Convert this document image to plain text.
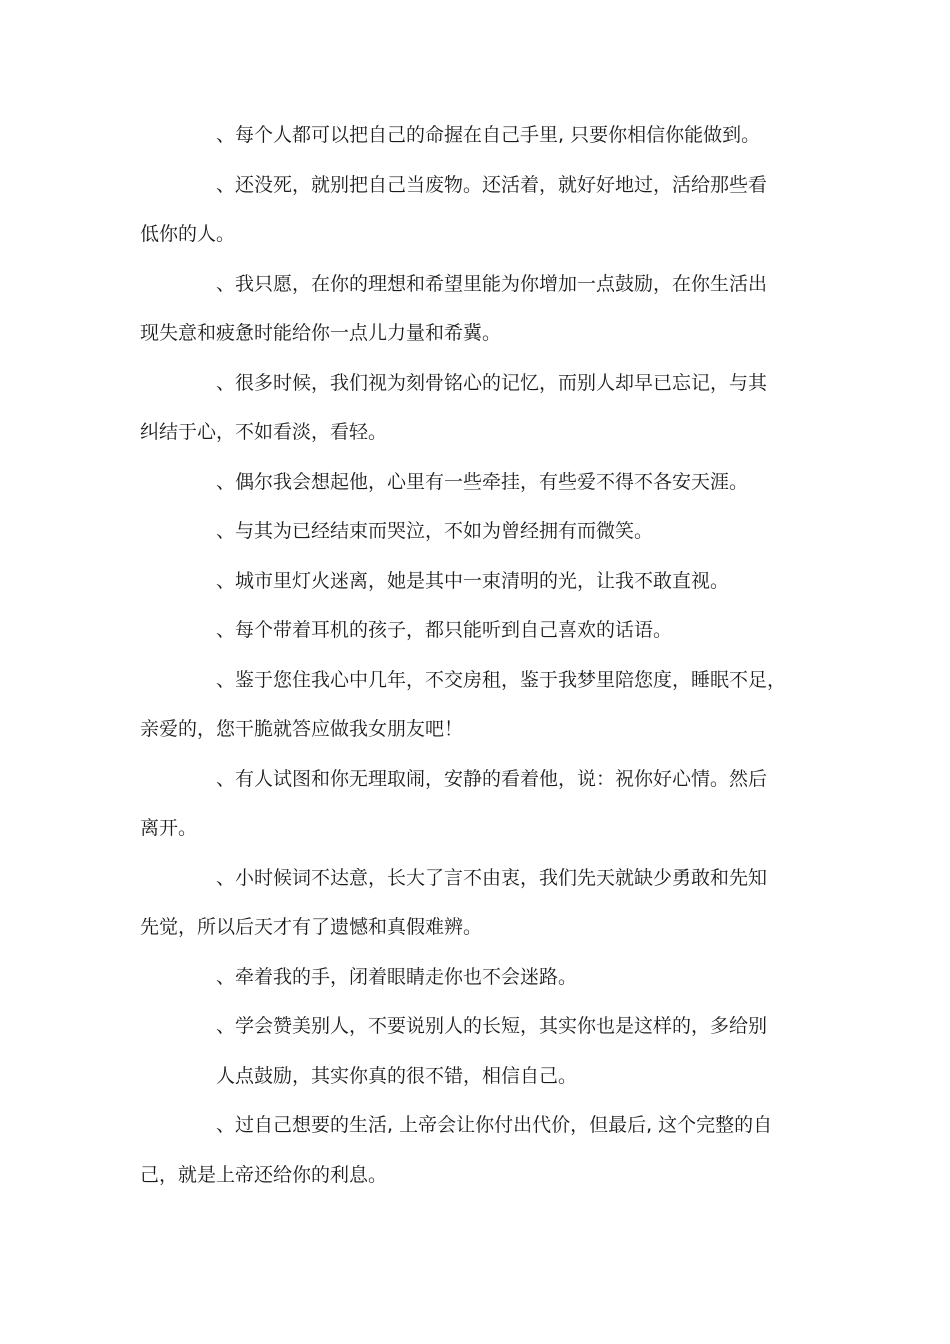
、每个人都可以把自己的命握在自己手里, 只要你相信你能做到。

、还没死，就别把自己当废物。还活着，就好好地过，活给那些看
低你的人。

、我只愿，在你的理想和希望里能为你增加一点鼓励，在你生活出
现失意和疲惫时能给你一点儿力量和希冀。

、很多时候，我们视为刻骨铭心的记忆，而别人却早已忘记，与其
纠结于心，不如看淡，看轻。

、偶尔我会想起他，心里有一些牵挂，有些爱不得不各安天涯。

、与其为已经结束而哭泣，不如为曾经拥有而微笑。

、城市里灯火迷离，她是其中一束清明的光，让我不敢直视。

、每个带着耳机的孩子，都只能听到自己喜欢的话语。

、鉴于您住我心中几年，不交房租，鉴于我梦里陪您度，睡眠不足，
亲爱的，您干脆就答应做我女朋友吧！

、有人试图和你无理取闹，安静的看着他，说：祝你好心情。然后
离开。

、小时候词不达意，长大了言不由衷，我们先天就缺少勇敢和先知
先觉，所以后天才有了遗憾和真假难辨。

、牵着我的手，闭着眼睛走你也不会迷路。

、学会赞美别人，不要说别人的长短，其实你也是这样的，多给别
人点鼓励，其实你真的很不错，相信自己。

、过自己想要的生活, 上帝会让你付出代价，但最后, 这个完整的自
己，就是上帝还给你的利息。
